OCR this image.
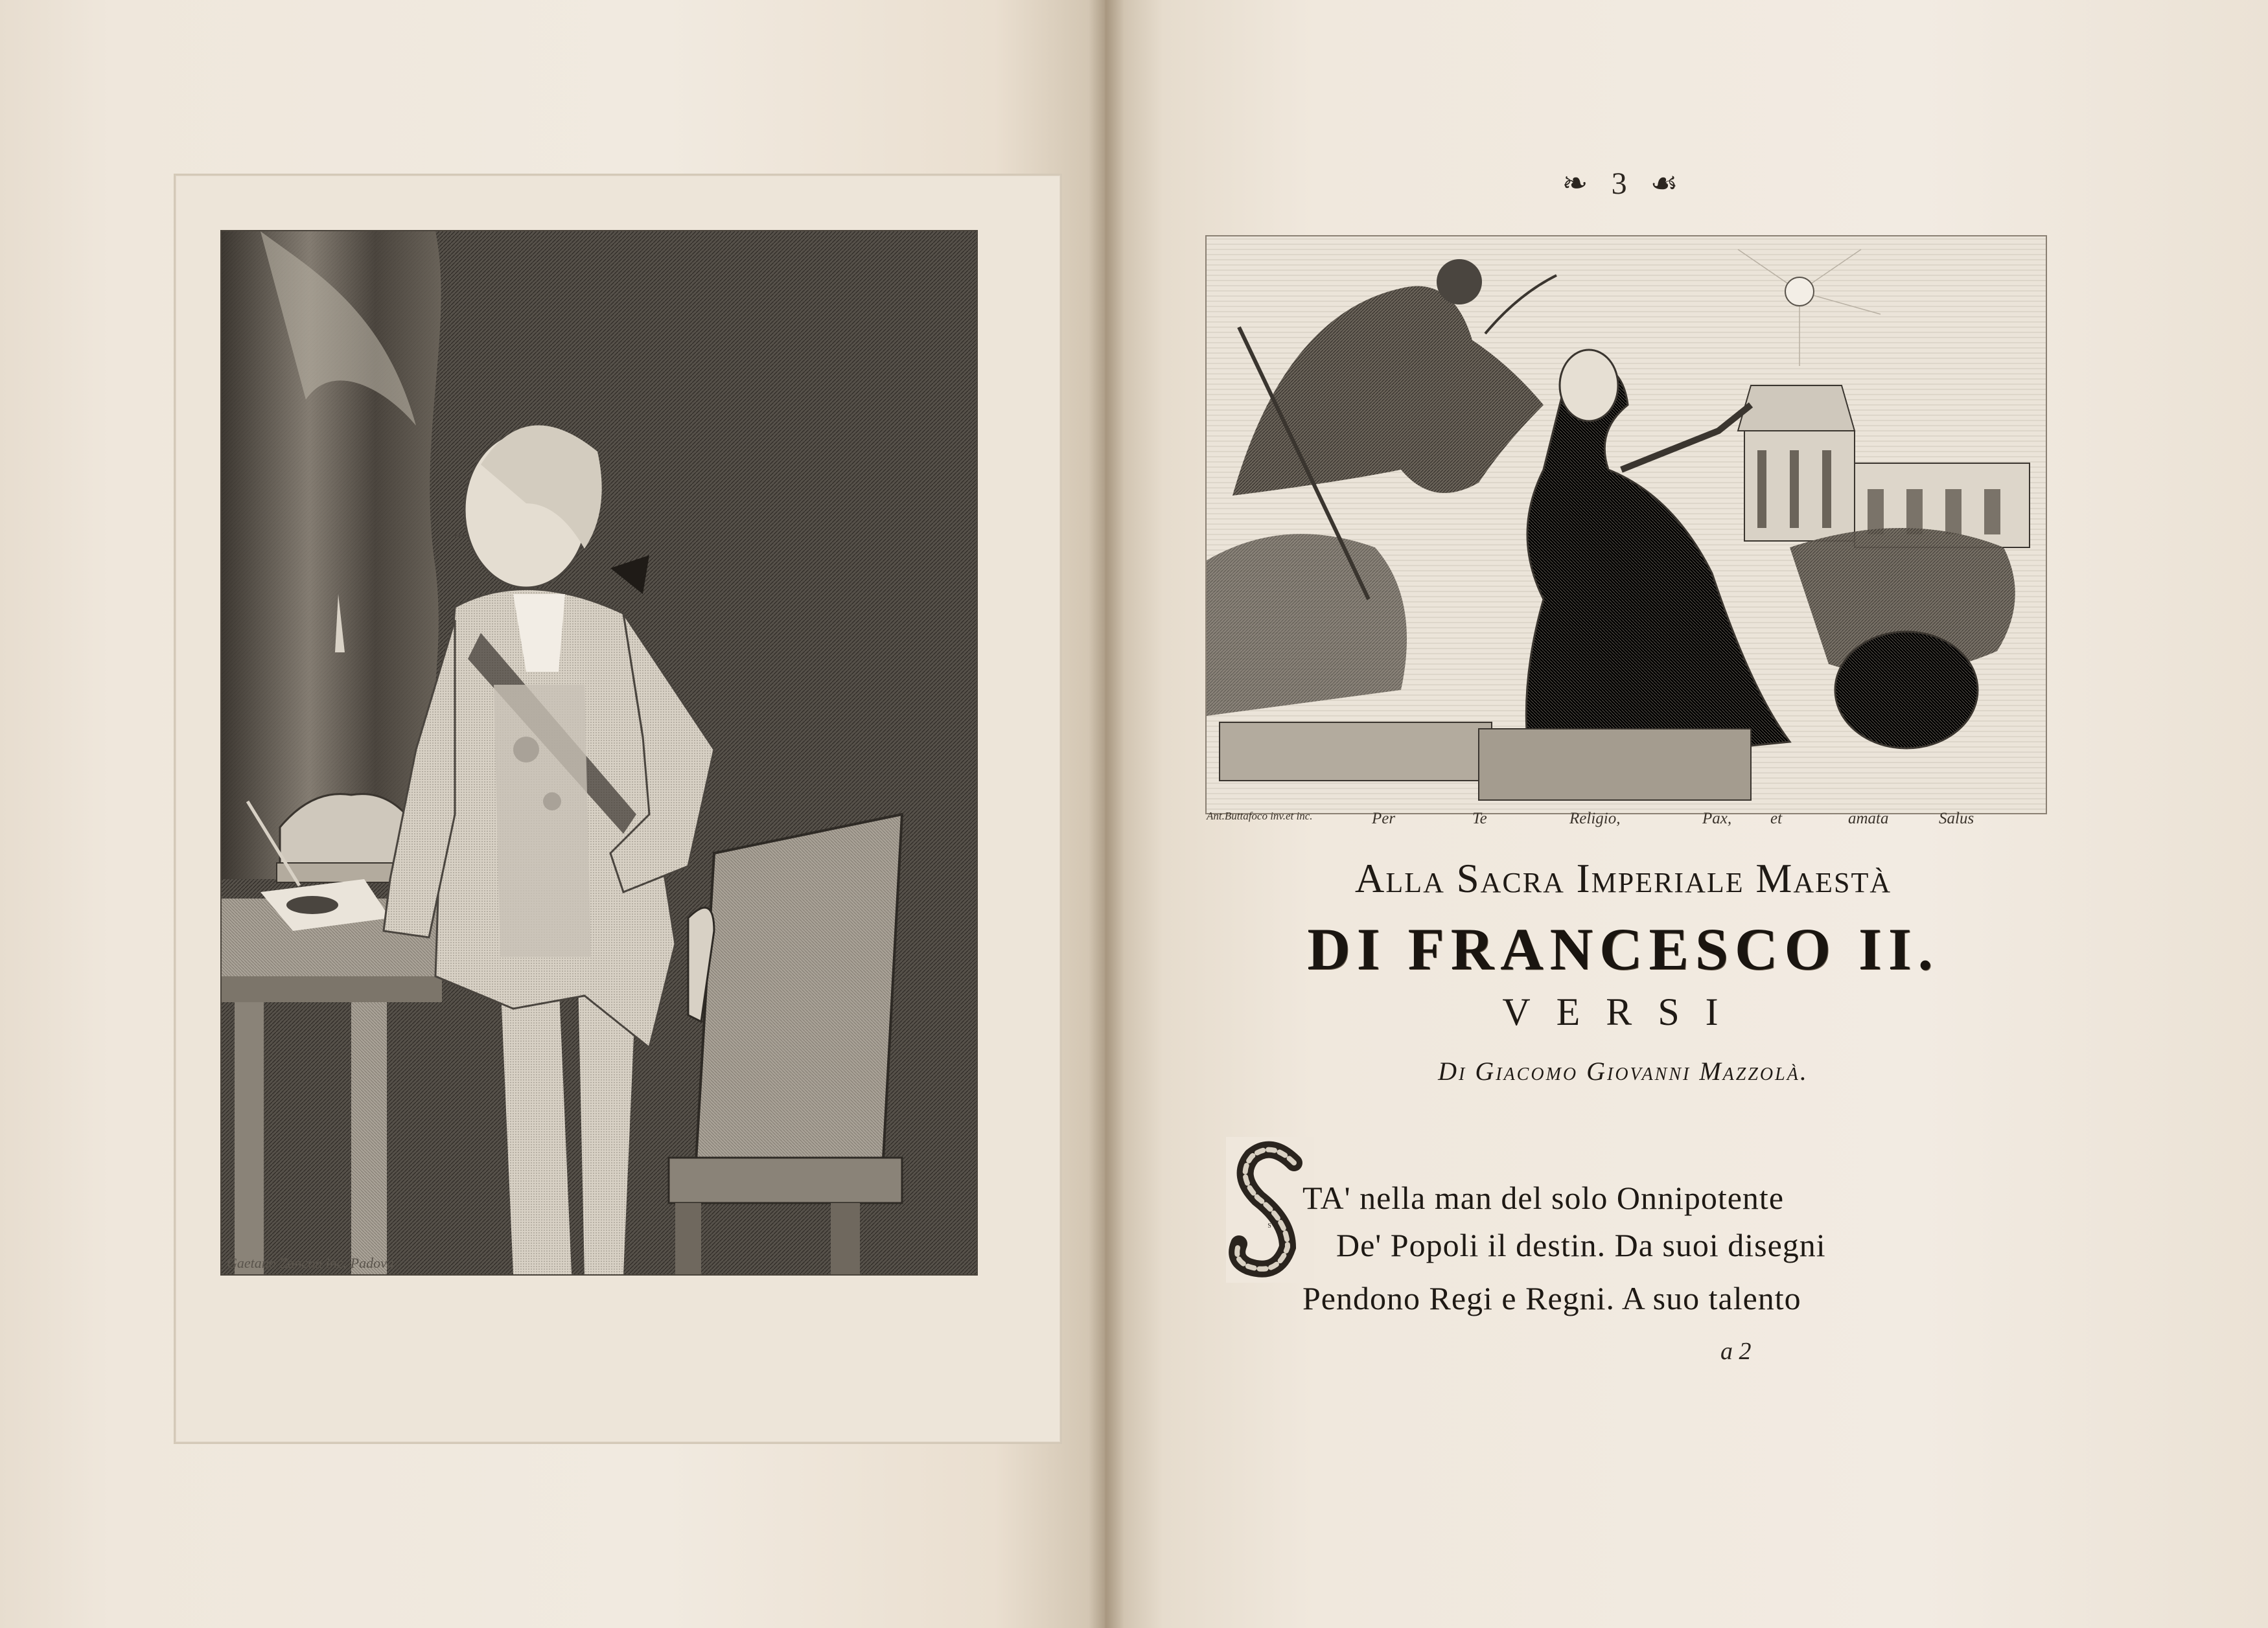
Gaetano Zancon inc. Padova
❧ 3 ☙
Ant.Buttafoco inv.et inc.	Per	Te	Religio,	Pax, et	amata	Salus
Alla Sacra Imperiale Maestà
DI FRANCESCO II.
VERSI
Di Giacomo Giovanni Mazzolà.
S
TA' nella man del solo Onnipotente
De' Popoli il destin. Da suoi disegni
Pendono Regi e Regni. A suo talento
a 2
